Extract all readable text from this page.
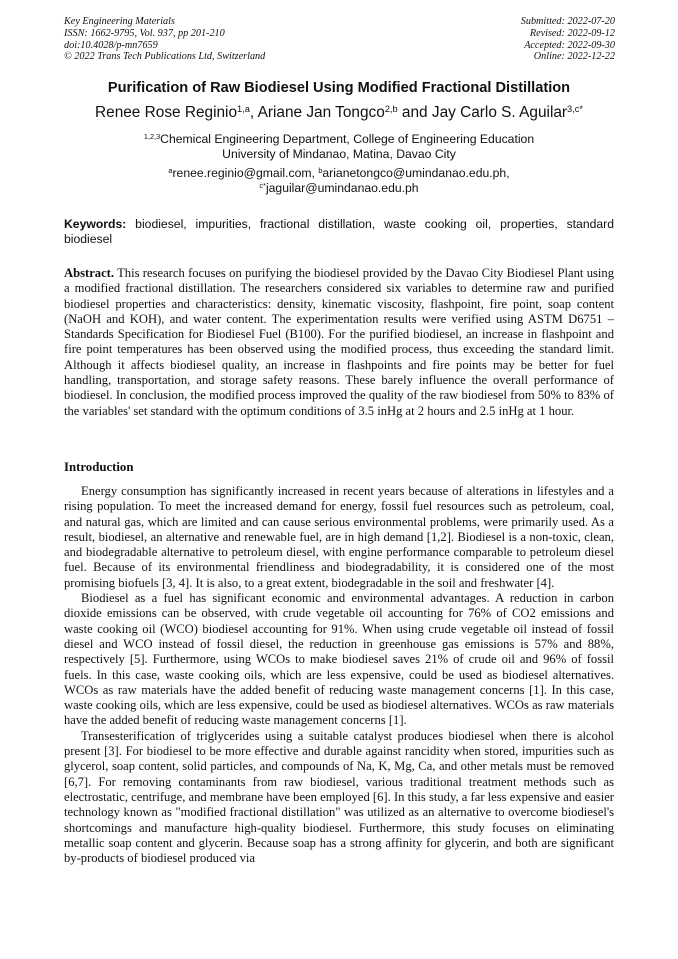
Key Engineering Materials
ISSN: 1662-9795, Vol. 937, pp 201-210
doi:10.4028/p-mn7659
© 2022 Trans Tech Publications Ltd, Switzerland
Submitted: 2022-07-20
Revised: 2022-09-12
Accepted: 2022-09-30
Online: 2022-12-22
Purification of Raw Biodiesel Using Modified Fractional Distillation
Renee Rose Reginio$^{1,a}$, Ariane Jan Tongco$^{2,b}$ and Jay Carlo S. Aguilar$^{3,c*}$
$^{1,2,3}$Chemical Engineering Department, College of Engineering Education
University of Mindanao, Matina, Davao City
$^a$renee.reginio@gmail.com, $^b$arianetongco@umindanao.edu.ph,
$^{c*}$jaguilar@umindanao.edu.ph
Keywords: biodiesel, impurities, fractional distillation, waste cooking oil, properties, standard biodiesel
Abstract. This research focuses on purifying the biodiesel provided by the Davao City Biodiesel Plant using a modified fractional distillation. The researchers considered six variables to determine raw and purified biodiesel properties and characteristics: density, kinematic viscosity, flashpoint, fire point, soap content (NaOH and KOH), and water content. The experimentation results were verified using ASTM D6751 – Standards Specification for Biodiesel Fuel (B100). For the purified biodiesel, an increase in flashpoint and fire point temperatures has been observed using the modified process, thus exceeding the standard limit. Although it affects biodiesel quality, an increase in flashpoints and fire points may be better for fuel handling, transportation, and storage safety reasons. These barely influence the overall performance of biodiesel. In conclusion, the modified process improved the quality of the raw biodiesel from 50% to 83% of the variables' set standard with the optimum conditions of 3.5 inHg at 2 hours and 2.5 inHg at 1 hour.
Introduction

Energy consumption has significantly increased in recent years because of alterations in lifestyles and a rising population. To meet the increased demand for energy, fossil fuel resources such as petroleum, coal, and natural gas, which are limited and can cause serious environmental problems, were primarily used. As a result, biodiesel, an alternative and renewable fuel, are in high demand [1,2]. Biodiesel is a non-toxic, clean, and biodegradable alternative to petroleum diesel, with engine performance comparable to petroleum diesel fuel. Because of its environmental friendliness and biodegradability, it is considered one of the most promising biofuels [3, 4]. It is also, to a great extent, biodegradable in the soil and freshwater [4].

Biodiesel as a fuel has significant economic and environmental advantages. A reduction in carbon dioxide emissions can be observed, with crude vegetable oil accounting for 76% of CO2 emissions and waste cooking oil (WCO) biodiesel accounting for 91%. When using crude vegetable oil instead of fossil diesel and WCO instead of fossil diesel, the reduction in greenhouse gas emissions is 57% and 88%, respectively [5]. Furthermore, using WCOs to make biodiesel saves 21% of crude oil and 96% of fossil fuels. In this case, waste cooking oils, which are less expensive, could be used as biodiesel alternatives. WCOs as raw materials have the added benefit of reducing waste management concerns [1]. In this case, waste cooking oils, which are less expensive, could be used as biodiesel alternatives. WCOs as raw materials have the added benefit of reducing waste management concerns [1].

Transesterification of triglycerides using a suitable catalyst produces biodiesel when there is alcohol present [3]. For biodiesel to be more effective and durable against rancidity when stored, impurities such as glycerol, soap content, solid particles, and compounds of Na, K, Mg, Ca, and other metals must be removed [6,7]. For removing contaminants from raw biodiesel, various traditional treatment methods such as electrostatic, centrifuge, and membrane have been employed [6]. In this study, a far less expensive and easier technology known as "modified fractional distillation" was utilized as an alternative to overcome biodiesel's shortcomings and manufacture high-quality biodiesel. Furthermore, this study focuses on eliminating metallic soap content and glycerin. Because soap has a strong affinity for glycerin, and both are significant by-products of biodiesel produced via
